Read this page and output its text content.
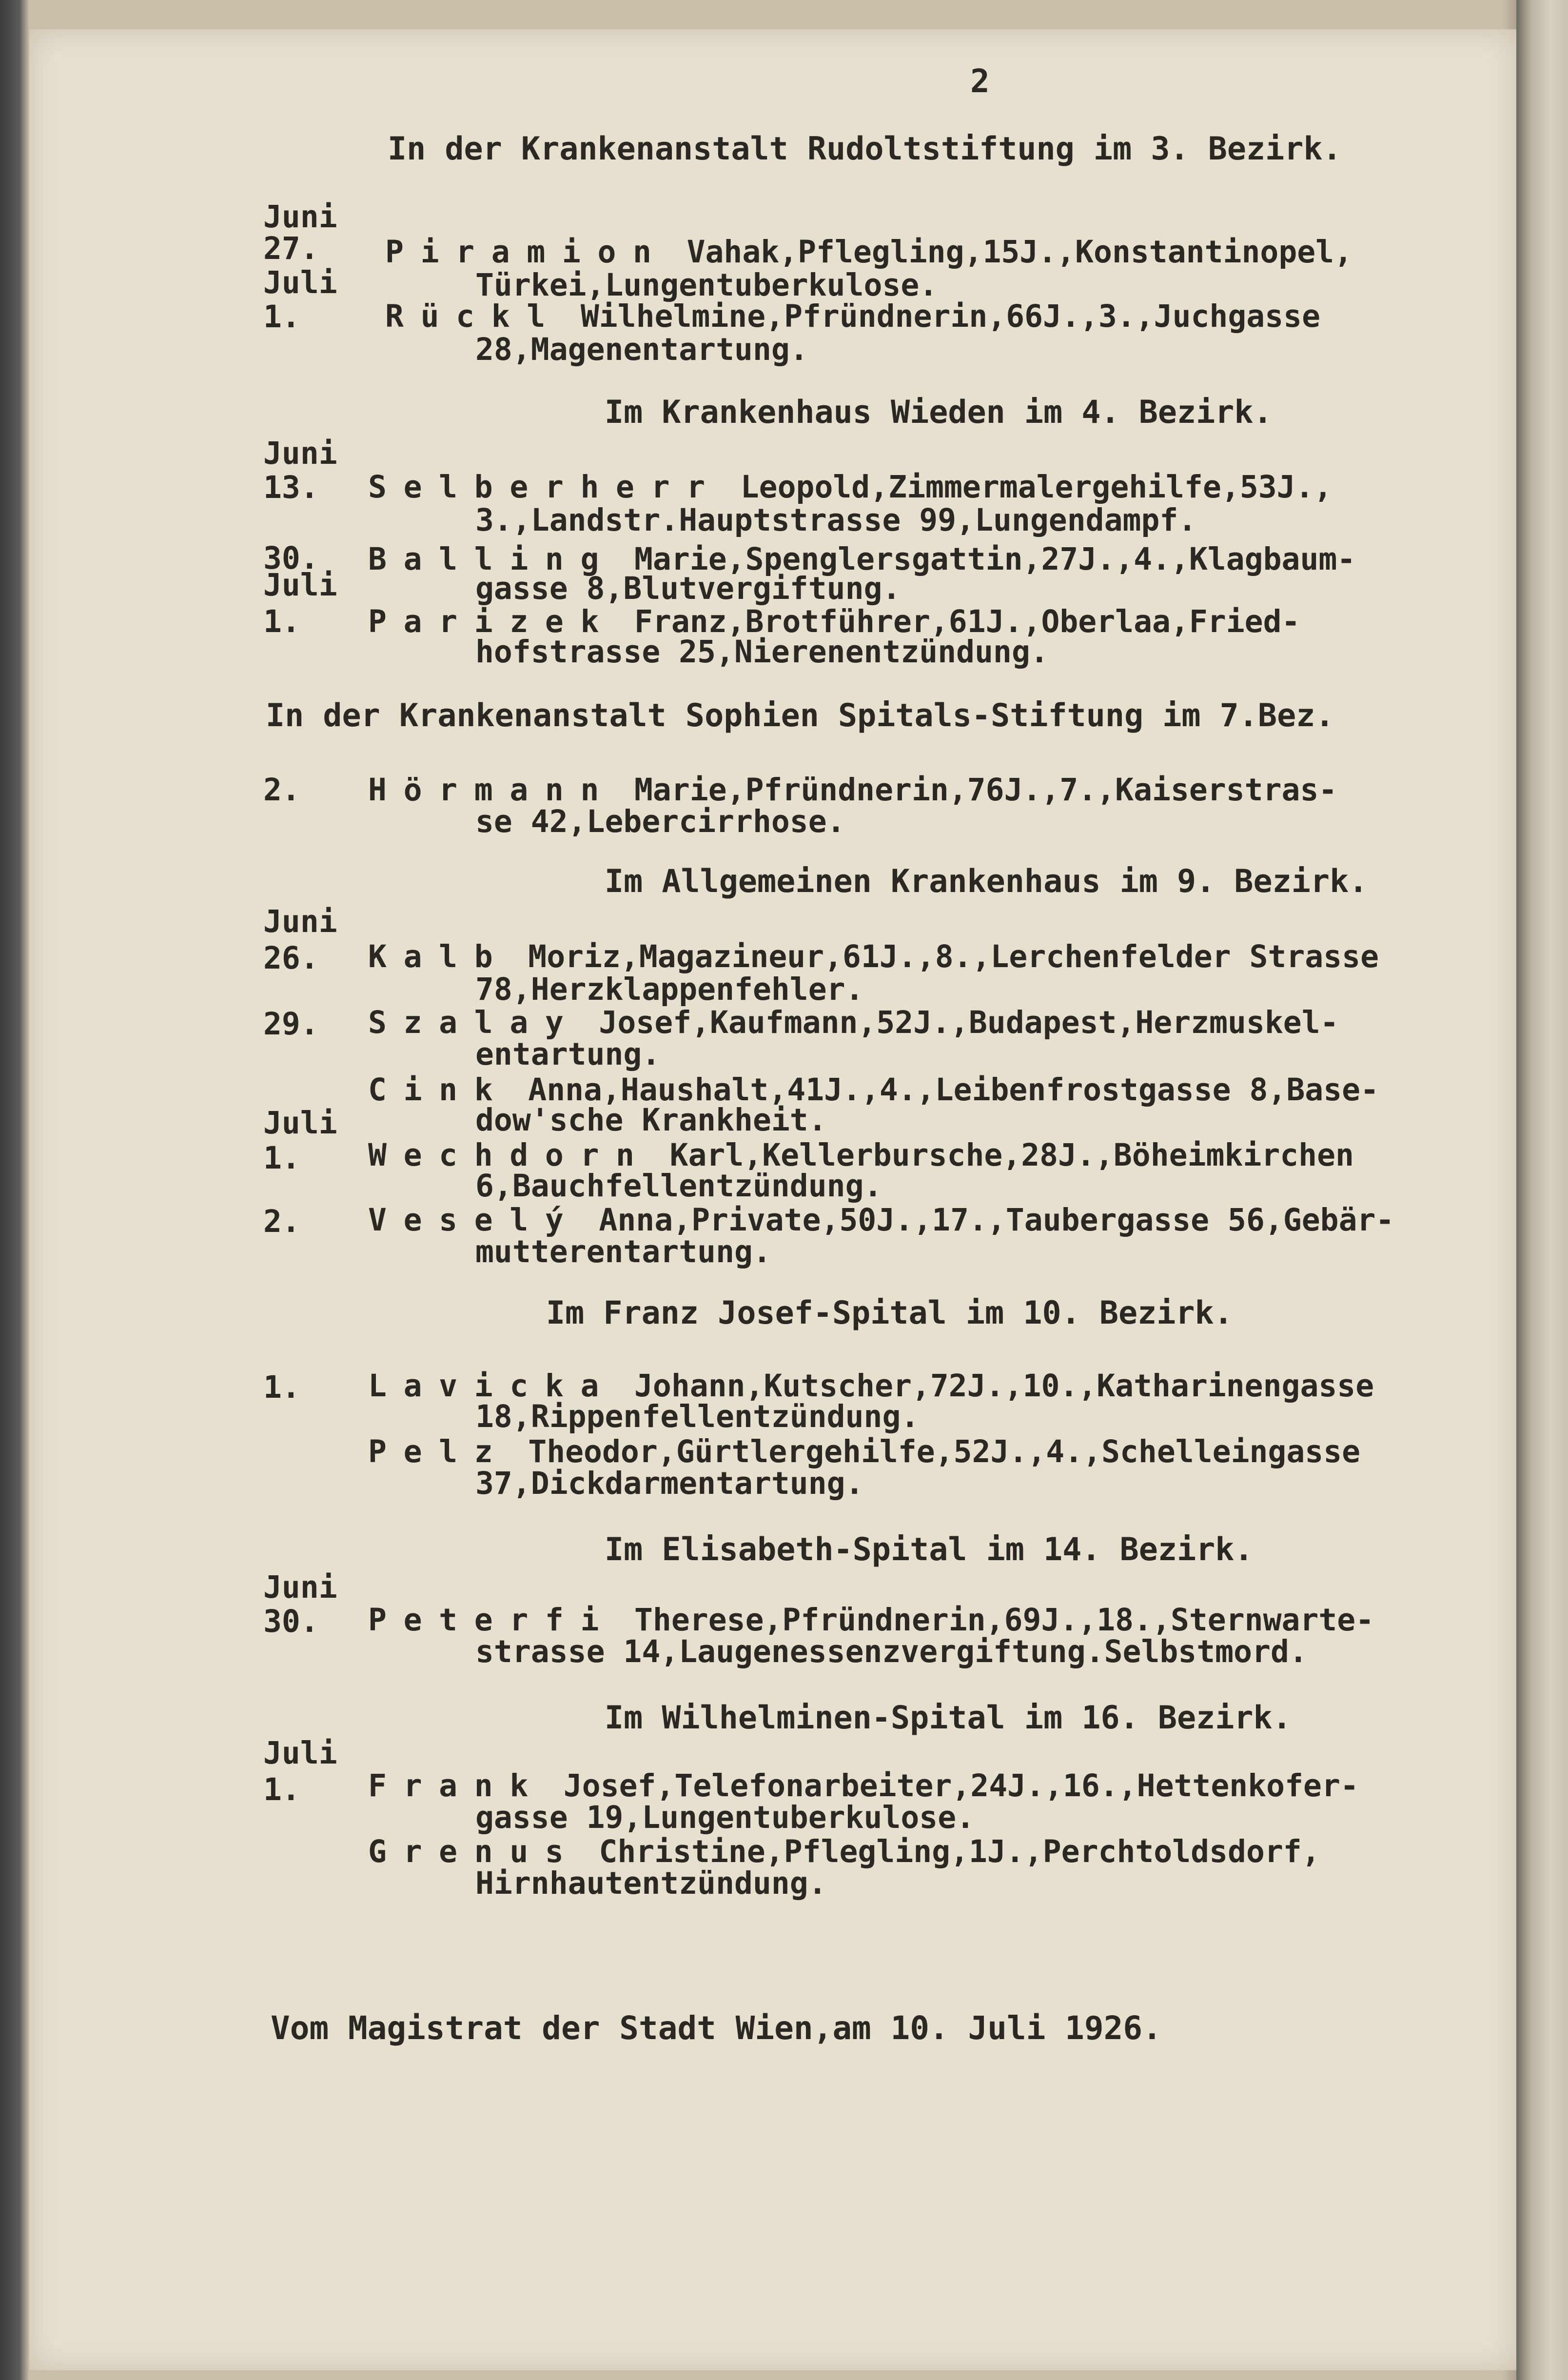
2
In der Krankenanstalt Rudoltstiftung im 3. Bezirk.
Juni
27. Piramion Vahak,Pflegling,15J.,Konstantinopel,
Türkei,Lungentuberkulose.
Juli
1.	Rückl Wilhelmine,Pfründnerin,66J.,3.,Juchgasse
28,Magenentartung.
Im Krankenhaus Wieden im 4. Bezirk.
Juni
13. Selberherr Leopold,Zimmermalergehilfe,53J.,
3.,Landstr.Hauptstrasse 99,Lungendampf.
30. Balling Marie,Spenglersgattin,27J.,4.,Klagbaum-
gasse 8,Blutvergiftung.
Juli
1. Parizek Franz,Brotführer,61J.,Oberlaa,Fried-
hofstrasse 25,Nierenentzündung.
In der Krankenanstalt Sophien Spitals-Stiftung im 7.Bez.
2. Hörmann Marie,Pfründnerin,76J.,7.,Kaiserstras-
se 42,Lebercirrhose.
Im Allgemeinen Krankenhaus im 9. Bezirk.
Juni
26. Kalb Moriz,Magazineur,61J.,8.,Lerchenfelder Strasse
78,Herzklappenfehler.
29. Szalay Josef,Kaufmann,52J.,Budapest,Herzmuskel-
entartung.
Cink Anna,Haushalt,41J.,4.,Leibenfrostgasse 8,Base-
dow'sche Krankheit.
Juli
1. Wechdorn Karl,Kellerbursche,28J.,Böheimkirchen
6,Bauchfellentzündung.
2. Veselý Anna,Private,50J.,17.,Taubergasse 56,Gebär-
mutterentartung.
Im Franz Josef-Spital im 10. Bezirk.
1. Lavicka Johann,Kutscher,72J.,10.,Katharinengasse
18,Rippenfellentzündung.
Pelz Theodor,Gürtlergehilfe,52J.,4.,Schelleingasse
37,Dickdarmentartung.
Im Elisabeth-Spital im 14. Bezirk.
Juni
30. Peterfi Therese,Pfründnerin,69J.,18.,Sternwarte-
strasse 14,Laugenessenzvergiftung.Selbstmord.
Im Wilhelminen-Spital im 16. Bezirk.
Juli
1. Frank Josef,Telefonarbeiter,24J.,16.,Hettenkofer-
gasse 19,Lungentuberkulose.
Grenus Christine,Pflegling,1J.,Perchtoldsdorf,
Hirnhautentzündung.
Vom Magistrat der Stadt Wien,am 10. Juli 1926.
